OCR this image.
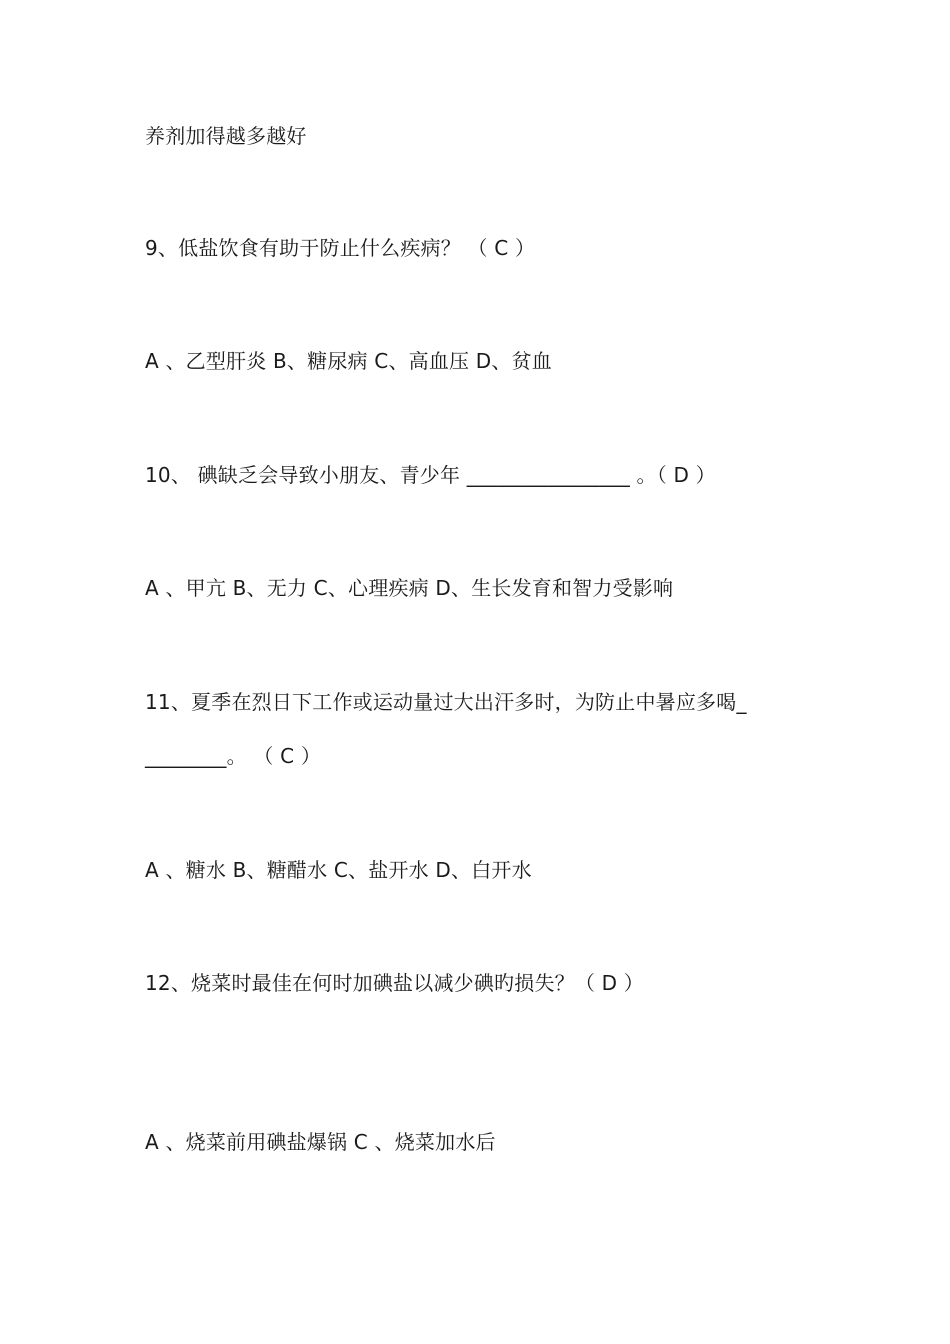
养剂加得越多越好
9、低盐饮食有助于防止什么疾病？ （ C ）
A 、乙型肝炎 B、糖尿病 C、高血压 D、贫血
10、 碘缺乏会导致小朋友、青少年 ________________ 。（ D ）
A 、甲亢 B、无力 C、心理疾病 D、生长发育和智力受影响
11、夏季在烈日下工作或运动量过大出汗多时，为防止中暑应多喝_
________。 （ C ）
A 、糖水 B、糖醋水 C、盐开水 D、白开水
12、烧菜时最佳在何时加碘盐以减少碘旳损失？（ D ）
A 、烧菜前用碘盐爆锅 C 、烧菜加水后
